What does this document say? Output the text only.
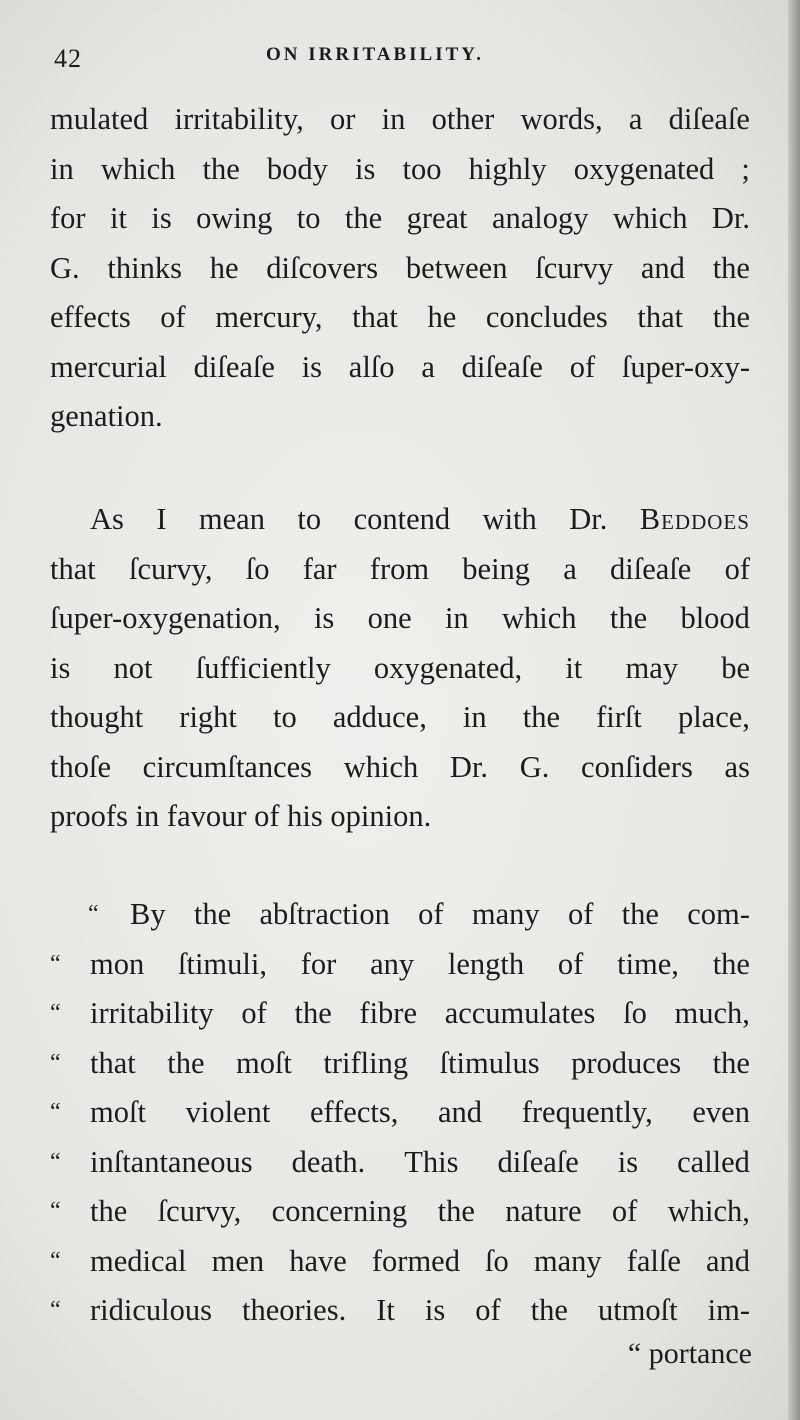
42	ON IRRITABILITY.
mulated irritability, or in other words, a diſeaſe
in which the body is too highly oxygenated ;
for it is owing to the great analogy which Dr.
G. thinks he diſcovers between ſcurvy and the
effects of mercury, that he concludes that the
mercurial diſeaſe is alſo a diſeaſe of ſuper-oxy-
genation.
As I mean to contend with Dr. Beddoes
that ſcurvy, ſo far from being a diſeaſe of
ſuper-oxygenation, is one in which the blood
is not ſufficiently oxygenated, it may be
thought right to adduce, in the firſt place,
thoſe circumſtances which Dr. G. conſiders as
proofs in favour of his opinion.
“ By the abſtraction of many of the com-
“ mon ſtimuli, for any length of time, the
“ irritability of the fibre accumulates ſo much,
“ that the moſt trifling ſtimulus produces the
“ moſt violent effects, and frequently, even
“ inſtantaneous death. This diſeaſe is called
“ the ſcurvy, concerning the nature of which,
“ medical men have formed ſo many falſe and
“ ridiculous theories. It is of the utmoſt im-
“ portance
